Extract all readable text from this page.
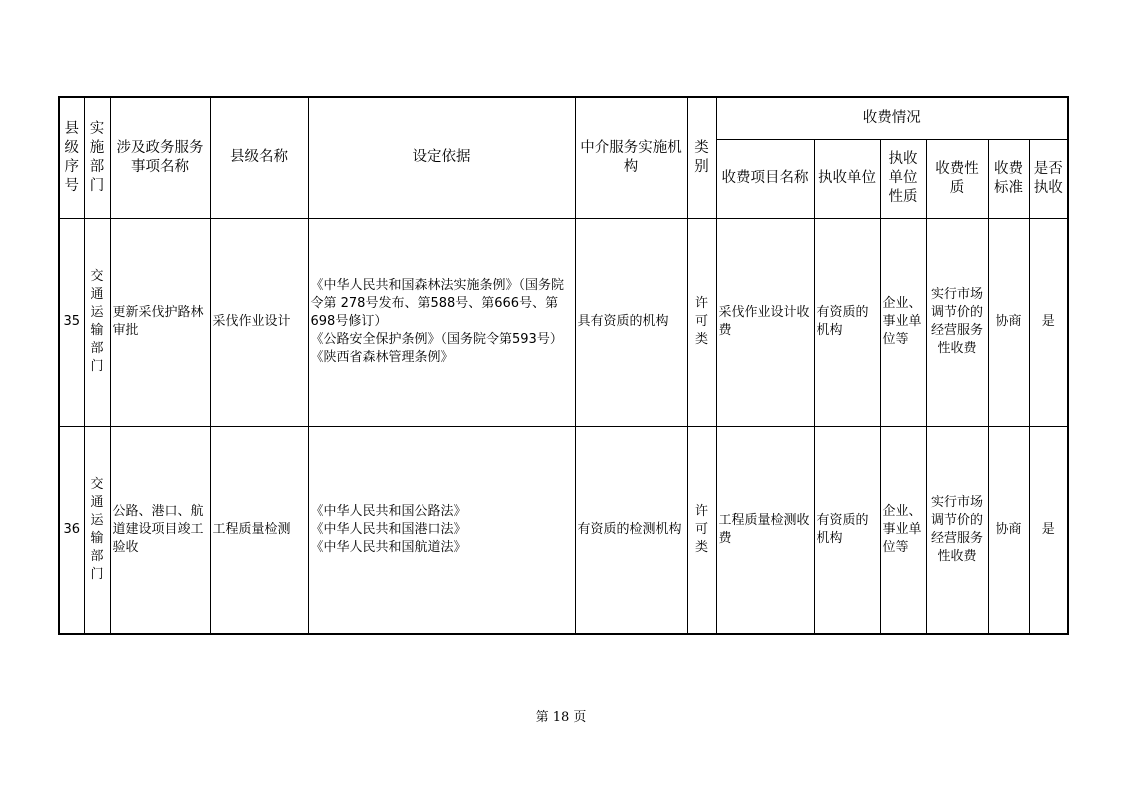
县级序号	实施部门	涉及政务服务事项名称	县级名称	设定依据	中介服务实施机构	类别	收费情况					
							收费项目名称	执收单位	执收单位性质	收费性质	收费标准	是否执收
35	交通运输部门	更新采伐护路林审批	采伐作业设计	《中华人民共和国森林法实施条例》（国务院令第 278号发布、第588号、第666号、第698号修订）
《公路安全保护条例》（国务院令第593号）《陕西省森林管理条例》	具有资质的机构	许可类	采伐作业设计收费	有资质的机构	企业、事业单位等	实行市场调节价的经营服务性收费	协商	是
36	交通运输部门	公路、港口、航道建设项目竣工验收	工程质量检测	《中华人民共和国公路法》
《中华人民共和国港口法》
《中华人民共和国航道法》	有资质的检测机构	许可类	工程质量检测收费	有资质的机构	企业、事业单位等	实行市场调节价的经营服务性收费	协商	是
第 18 页
